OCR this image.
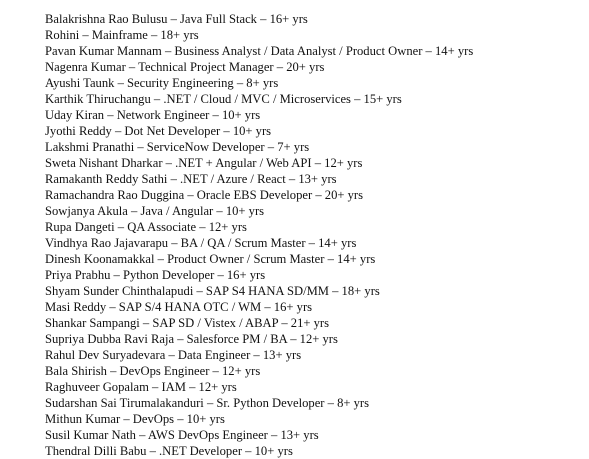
Balakrishna Rao Bulusu – Java Full Stack – 16+ yrs
Rohini – Mainframe – 18+ yrs
Pavan Kumar Mannam – Business Analyst / Data Analyst / Product Owner – 14+ yrs
Nagenra Kumar – Technical Project Manager – 20+ yrs
Ayushi Taunk – Security Engineering – 8+ yrs
Karthik Thiruchangu – .NET / Cloud / MVC / Microservices – 15+ yrs
Uday Kiran – Network Engineer – 10+ yrs
Jyothi Reddy – Dot Net Developer – 10+ yrs
Lakshmi Pranathi – ServiceNow Developer – 7+ yrs
Sweta Nishant Dharkar – .NET + Angular / Web API – 12+ yrs
Ramakanth Reddy Sathi – .NET / Azure / React – 13+ yrs
Ramachandra Rao Duggina – Oracle EBS Developer – 20+ yrs
Sowjanya Akula – Java / Angular – 10+ yrs
Rupa Dangeti – QA Associate – 12+ yrs
Vindhya Rao Jajavarapu – BA / QA / Scrum Master – 14+ yrs
Dinesh Koonamakkal – Product Owner / Scrum Master – 14+ yrs
Priya Prabhu – Python Developer – 16+ yrs
Shyam Sunder Chinthalapudi – SAP S4 HANA SD/MM – 18+ yrs
Masi Reddy – SAP S/4 HANA OTC / WM – 16+ yrs
Shankar Sampangi – SAP SD / Vistex / ABAP – 21+ yrs
Supriya Dubba Ravi Raja – Salesforce PM / BA – 12+ yrs
Rahul Dev Suryadevara – Data Engineer – 13+ yrs
Bala Shirish – DevOps Engineer – 12+ yrs
Raghuveer Gopalam – IAM – 12+ yrs
Sudarshan Sai Tirumalakanduri – Sr. Python Developer – 8+ yrs
Mithun Kumar – DevOps – 10+ yrs
Susil Kumar Nath – AWS DevOps Engineer – 13+ yrs
Thendral Dilli Babu – .NET Developer – 10+ yrs
